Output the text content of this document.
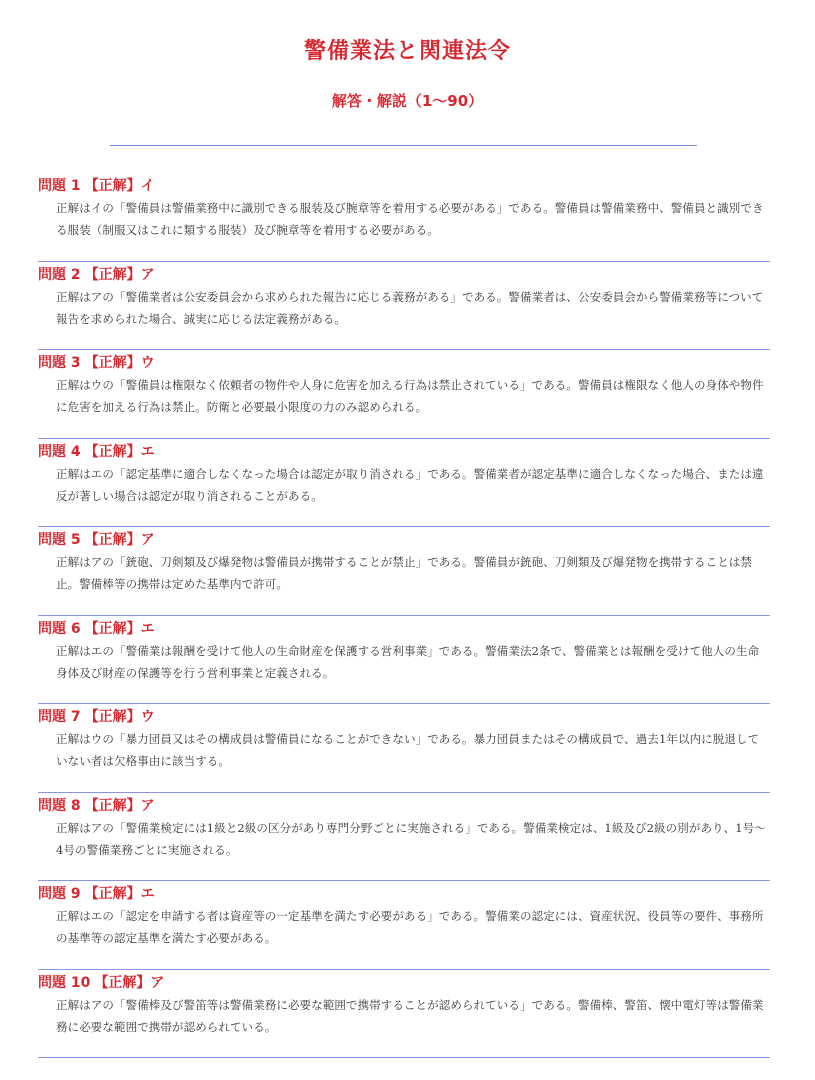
警備業法と関連法令
解答・解説（1〜90）
問題 1 【正解】イ
正解はイの「警備員は警備業務中に識別できる服装及び腕章等を着用する必要がある」である。警備員は警備業務中、警備員と識別できる服装（制服又はこれに類する服装）及び腕章等を着用する必要がある。
問題 2 【正解】ア
正解はアの「警備業者は公安委員会から求められた報告に応じる義務がある」である。警備業者は、公安委員会から警備業務等について報告を求められた場合、誠実に応じる法定義務がある。
問題 3 【正解】ウ
正解はウの「警備員は権限なく依頼者の物件や人身に危害を加える行為は禁止されている」である。警備員は権限なく他人の身体や物件に危害を加える行為は禁止。防衛と必要最小限度の力のみ認められる。
問題 4 【正解】エ
正解はエの「認定基準に適合しなくなった場合は認定が取り消される」である。警備業者が認定基準に適合しなくなった場合、または違反が著しい場合は認定が取り消されることがある。
問題 5 【正解】ア
正解はアの「銃砲、刀剣類及び爆発物は警備員が携帯することが禁止」である。警備員が銃砲、刀剣類及び爆発物を携帯することは禁止。警備棒等の携帯は定めた基準内で許可。
問題 6 【正解】エ
正解はエの「警備業は報酬を受けて他人の生命財産を保護する営利事業」である。警備業法2条で、警備業とは報酬を受けて他人の生命身体及び財産の保護等を行う営利事業と定義される。
問題 7 【正解】ウ
正解はウの「暴力団員又はその構成員は警備員になることができない」である。暴力団員またはその構成員で、過去1年以内に脱退していない者は欠格事由に該当する。
問題 8 【正解】ア
正解はアの「警備業検定には1級と2級の区分があり専門分野ごとに実施される」である。警備業検定は、1級及び2級の別があり、1号〜4号の警備業務ごとに実施される。
問題 9 【正解】エ
正解はエの「認定を申請する者は資産等の一定基準を満たす必要がある」である。警備業の認定には、資産状況、役員等の要件、事務所の基準等の認定基準を満たす必要がある。
問題 10 【正解】ア
正解はアの「警備棒及び警笛等は警備業務に必要な範囲で携帯することが認められている」である。警備棒、警笛、懐中電灯等は警備業務に必要な範囲で携帯が認められている。
